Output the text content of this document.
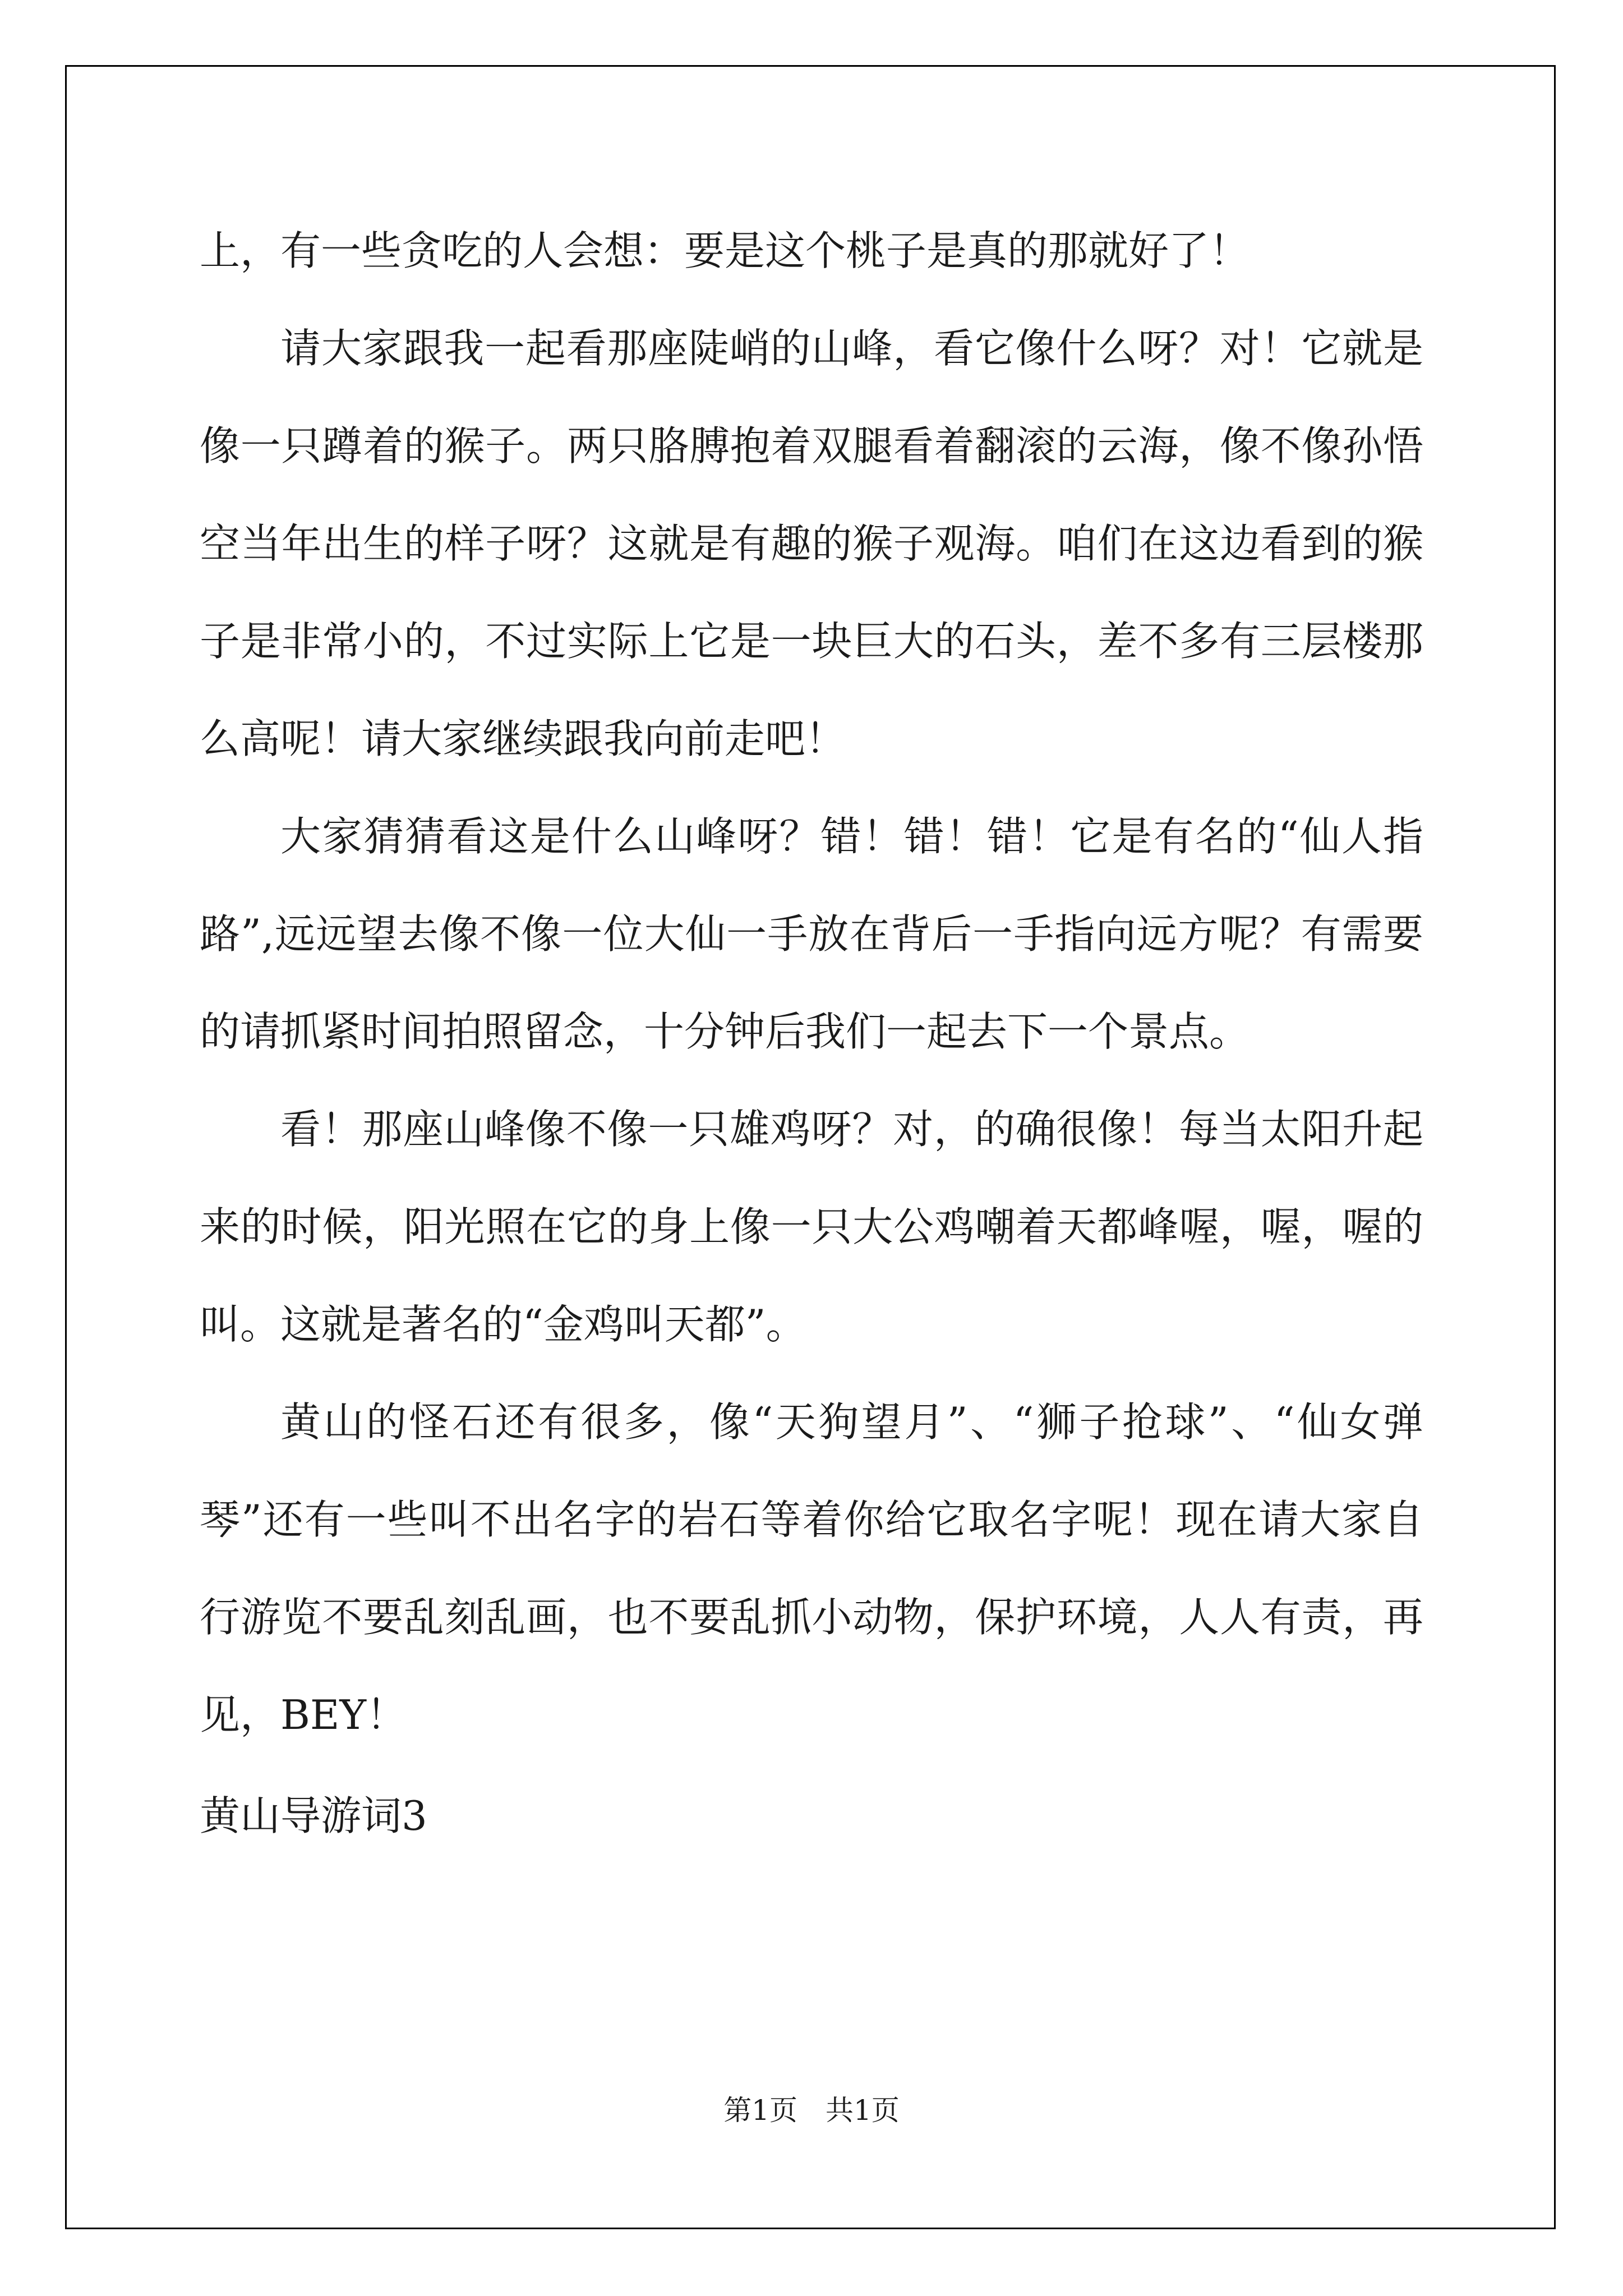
上，有一些贪吃的人会想：要是这个桃子是真的那就好了！
请大家跟我一起看那座陡峭的山峰，看它像什么呀？对！它就是
像一只蹲着的猴子。两只胳膊抱着双腿看着翻滚的云海，像不像孙悟
空当年出生的样子呀？这就是有趣的猴子观海。咱们在这边看到的猴
子是非常小的，不过实际上它是一块巨大的石头，差不多有三层楼那
么高呢！请大家继续跟我向前走吧！
大家猜猜看这是什么山峰呀？错！错！错！它是有名的“仙人指
路”,远远望去像不像一位大仙一手放在背后一手指向远方呢？有需要
的请抓紧时间拍照留念，十分钟后我们一起去下一个景点。
看！那座山峰像不像一只雄鸡呀？对，的确很像！每当太阳升起
来的时候，阳光照在它的身上像一只大公鸡嘲着天都峰喔，喔，喔的
叫。这就是著名的“金鸡叫天都”。
黄山的怪石还有很多，像“天狗望月”、“狮子抢球”、“仙女弹
琴”还有一些叫不出名字的岩石等着你给它取名字呢！现在请大家自
行游览不要乱刻乱画，也不要乱抓小动物，保护环境，人人有责，再
见，BEY！
黄山导游词3
第1页 共1页
